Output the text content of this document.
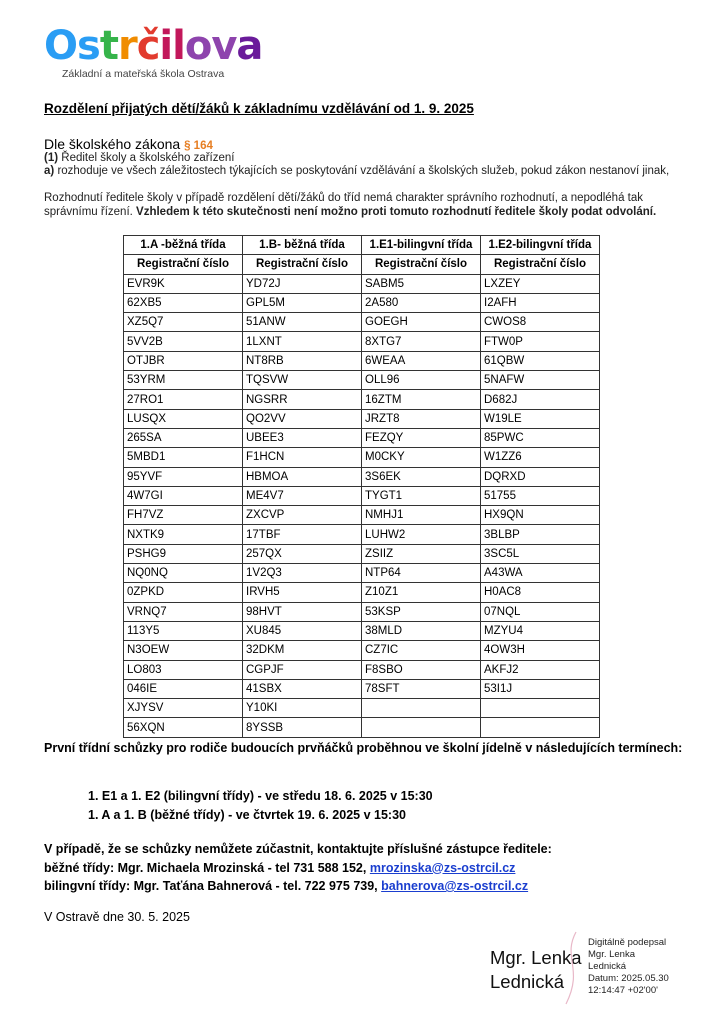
Ostrčilova
Základní a mateřská škola Ostrava
Rozdělení přijatých dětí/žáků k základnímu vzdělávání od 1. 9. 2025
Dle školského zákona § 164
(1) Ředitel školy a školského zařízení
a) rozhoduje ve všech záležitostech týkajících se poskytování vzdělávání a školských služeb, pokud zákon nestanoví jinak,
Rozhodnutí ředitele školy v případě rozdělení dětí/žáků do tříd nemá charakter správního rozhodnutí, a nepodléhá tak správnímu řízení. Vzhledem k této skutečnosti není možno proti tomuto rozhodnutí ředitele školy podat odvolání.
1.A -běžná třída	1.B- běžná třída	1.E1-bilingvní třída	1.E2-bilingvní třída
Registrační číslo	Registrační číslo	Registrační číslo	Registrační číslo
EVR9K	YD72J	SABM5	LXZEY
62XB5	GPL5M	2A580	I2AFH
XZ5Q7	51ANW	GOEGH	CWOS8
5VV2B	1LXNT	8XTG7	FTW0P
OTJBR	NT8RB	6WEAA	61QBW
53YRM	TQSVW	OLL96	5NAFW
27RO1	NGSRR	16ZTM	D682J
LUSQX	QO2VV	JRZT8	W19LE
265SA	UBEE3	FEZQY	85PWC
5MBD1	F1HCN	M0CKY	W1ZZ6
95YVF	HBMOA	3S6EK	DQRXD
4W7GI	ME4V7	TYGT1	51755
FH7VZ	ZXCVP	NMHJ1	HX9QN
NXTK9	17TBF	LUHW2	3BLBP
PSHG9	257QX	ZSIIZ	3SC5L
NQ0NQ	1V2Q3	NTP64	A43WA
0ZPKD	IRVH5	Z10Z1	H0AC8
VRNQ7	98HVT	53KSP	07NQL
113Y5	XU845	38MLD	MZYU4
N3OEW	32DKM	CZ7IC	4OW3H
LO803	CGPJF	F8SBO	AKFJ2
046IE	41SBX	78SFT	53I1J
XJYSV	Y10KI		
56XQN	8YSSB		
První třídní schůzky pro rodiče budoucích prvňáčků proběhnou ve školní jídelně v následujících termínech:
1. E1 a 1. E2 (bilingvní třídy) - ve středu 18. 6. 2025 v 15:30
1. A a 1. B (běžné třídy) - ve čtvrtek 19. 6. 2025 v 15:30
V případě, že se schůzky nemůžete zúčastnit, kontaktujte příslušné zástupce ředitele:
běžné třídy: Mgr. Michaela Mrozinská - tel 731 588 152, mrozinska@zs-ostrcil.cz
bilingvní třídy: Mgr. Taťána Bahnerová - tel. 722 975 739, bahnerova@zs-ostrcil.cz
V Ostravě dne 30. 5. 2025
Mgr. Lenka
Lednická
Digitálně podepsal
Mgr. Lenka
Lednická
Datum: 2025.05.30
12:14:47 +02'00'
